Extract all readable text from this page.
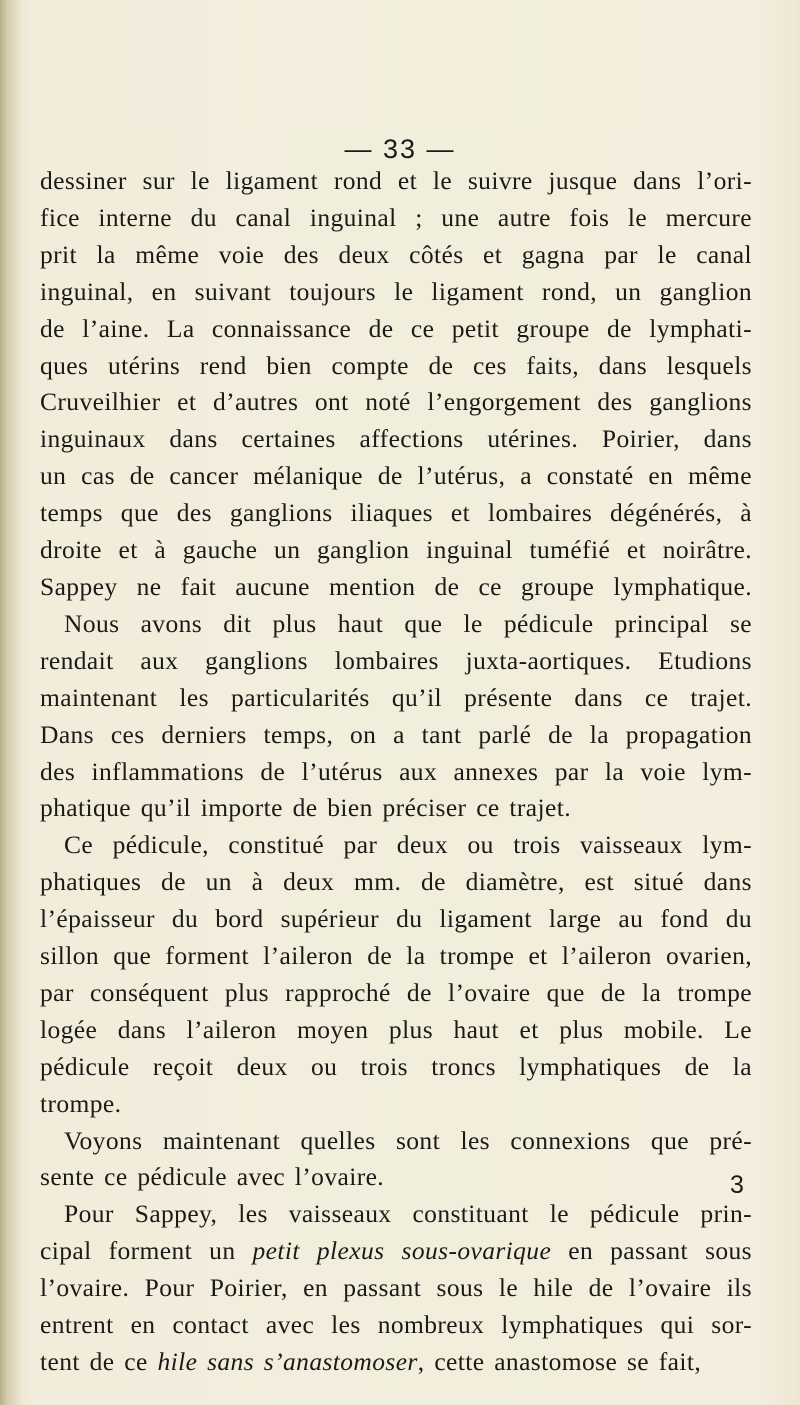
— 33 —
dessiner sur le ligament rond et le suivre jusque dans l’ori-
fice interne du canal inguinal ; une autre fois le mercure
prit la même voie des deux côtés et gagna par le canal
inguinal, en suivant toujours le ligament rond, un ganglion
de l’aine. La connaissance de ce petit groupe de lymphati-
ques utérins rend bien compte de ces faits, dans lesquels
Cruveilhier et d’autres ont noté l’engorgement des ganglions
inguinaux dans certaines affections utérines. Poirier, dans
un cas de cancer mélanique de l’utérus, a constaté en même
temps que des ganglions iliaques et lombaires dégénérés, à
droite et à gauche un ganglion inguinal tuméfié et noirâtre.
Sappey ne fait aucune mention de ce groupe lymphatique.
Nous avons dit plus haut que le pédicule principal se
rendait aux ganglions lombaires juxta-aortiques. Etudions
maintenant les particularités qu’il présente dans ce trajet.
Dans ces derniers temps, on a tant parlé de la propagation
des inflammations de l’utérus aux annexes par la voie lym-
phatique qu’il importe de bien préciser ce trajet.
Ce pédicule, constitué par deux ou trois vaisseaux lym-
phatiques de un à deux mm. de diamètre, est situé dans
l’épaisseur du bord supérieur du ligament large au fond du
sillon que forment l’aileron de la trompe et l’aileron ovarien,
par conséquent plus rapproché de l’ovaire que de la trompe
logée dans l’aileron moyen plus haut et plus mobile. Le
pédicule reçoit deux ou trois troncs lymphatiques de la
trompe.
Voyons maintenant quelles sont les connexions que pré-
sente ce pédicule avec l’ovaire.
Pour Sappey, les vaisseaux constituant le pédicule prin-
cipal forment un petit plexus sous-ovarique en passant sous
l’ovaire. Pour Poirier, en passant sous le hile de l’ovaire ils
entrent en contact avec les nombreux lymphatiques qui sor-
tent de ce hile sans s’anastomoser, cette anastomose se fait,
3
